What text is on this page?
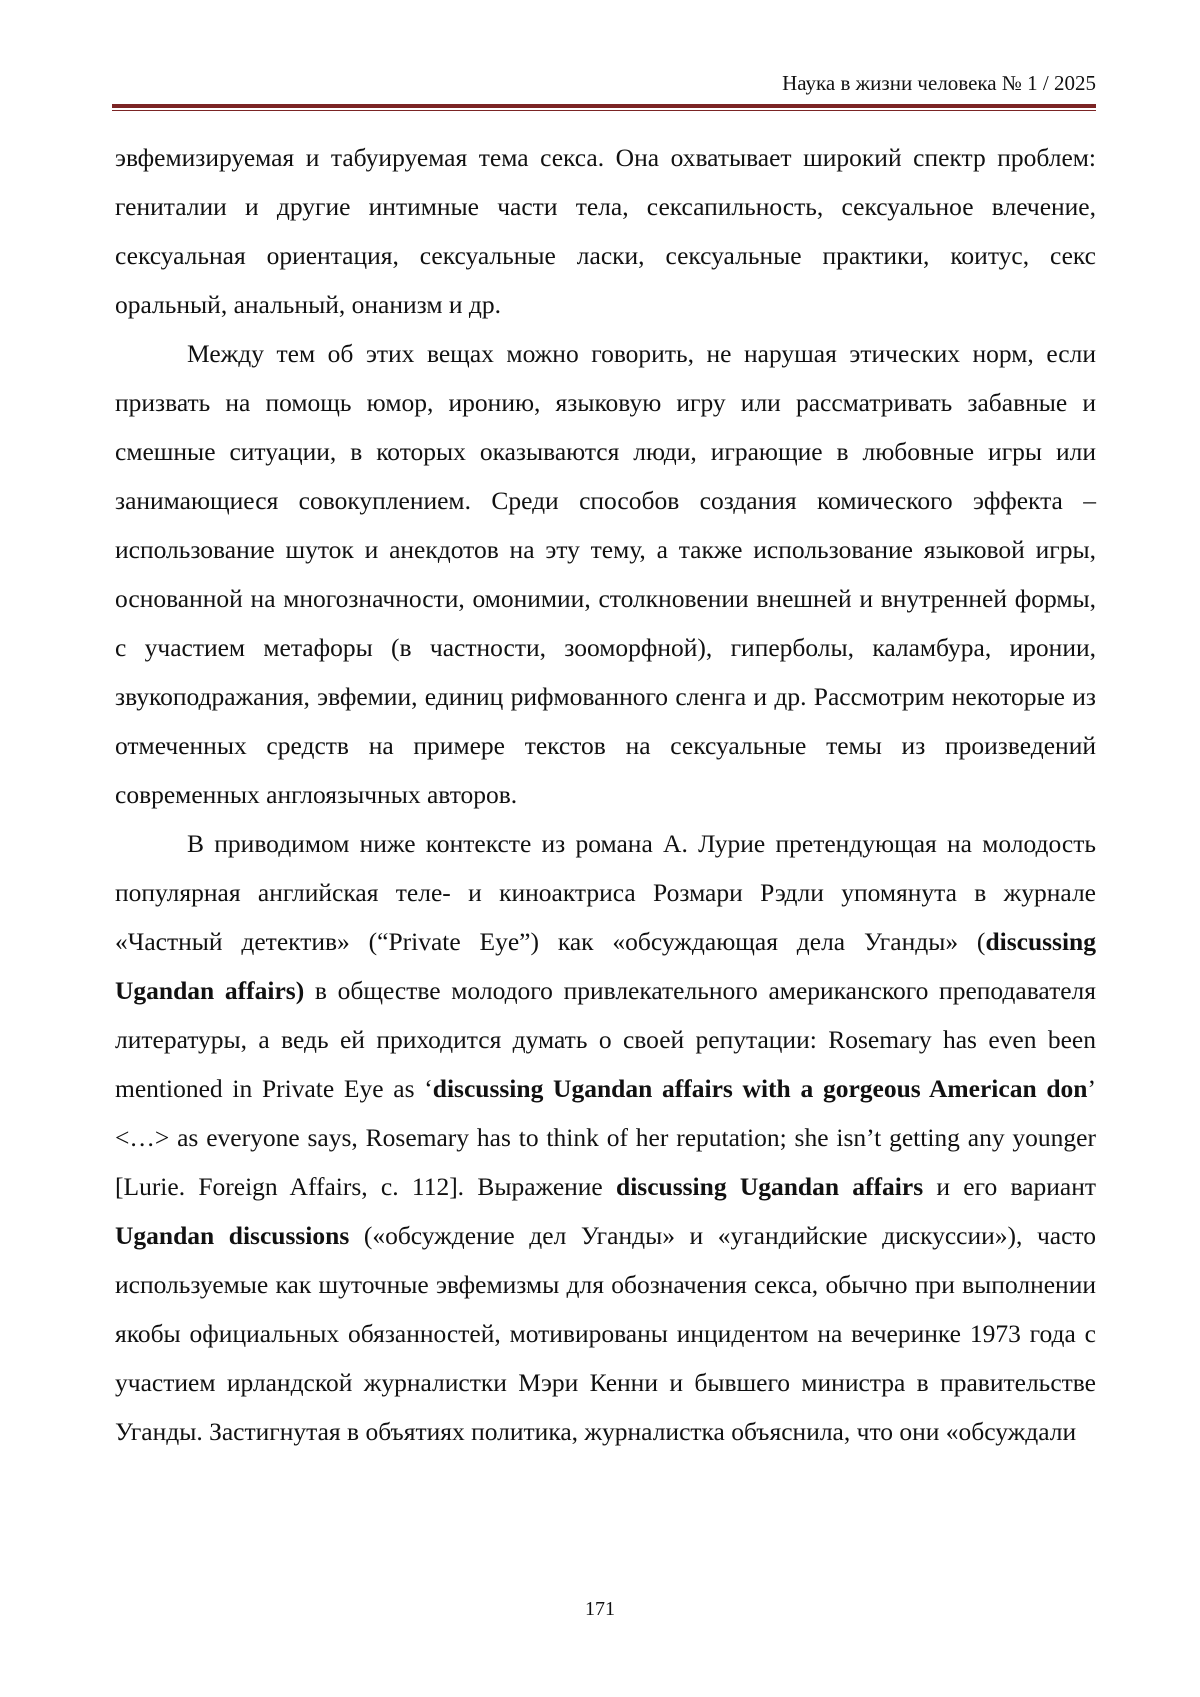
Наука в жизни человека № 1 / 2025

эвфемизируемая и табуируемая тема секса. Она охватывает широкий спектр проблем: гениталии и другие интимные части тела, сексапильность, сексуальное влечение, сексуальная ориентация, сексуальные ласки, сексуальные практики, коитус, секс оральный, анальный, онанизм и др.

Между тем об этих вещах можно говорить, не нарушая этических норм, если призвать на помощь юмор, иронию, языковую игру или рассматривать забавные и смешные ситуации, в которых оказываются люди, играющие в любовные игры или занимающиеся совокуплением. Среди способов создания комического эффекта – использование шуток и анекдотов на эту тему, а также использование языковой игры, основанной на многозначности, омонимии, столкновении внешней и внутренней формы, с участием метафоры (в частности, зооморфной), гиперболы, каламбура, иронии, звукоподражания, эвфемии, единиц рифмованного сленга и др. Рассмотрим некоторые из отмеченных средств на примере текстов на сексуальные темы из произведений современных англоязычных авторов.

В приводимом ниже контексте из романа А. Лурие претендующая на молодость популярная английская теле- и киноактриса Розмари Рэдли упомянута в журнале «Частный детектив» (“Private Eye”) как «обсуждающая дела Уганды» (discussing Ugandan affairs) в обществе молодого привлекательного американского преподавателя литературы, а ведь ей приходится думать о своей репутации: Rosemary has even been mentioned in Private Eye as ‘discussing Ugandan affairs with a gorgeous American don’ <…> as everyone says, Rosemary has to think of her reputation; she isn’t getting any younger [Lurie. Foreign Affairs, с. 112]. Выражение discussing Ugandan affairs и его вариант Ugandan discussions («обсуждение дел Уганды» и «угандийские дискуссии»), часто используемые как шуточные эвфемизмы для обозначения секса, обычно при выполнении якобы официальных обязанностей, мотивированы инцидентом на вечеринке 1973 года с участием ирландской журналистки Мэри Кенни и бывшего министра в правительстве Уганды. Застигнутая в объятиях политика, журналистка объяснила, что они «обсуждали

171
